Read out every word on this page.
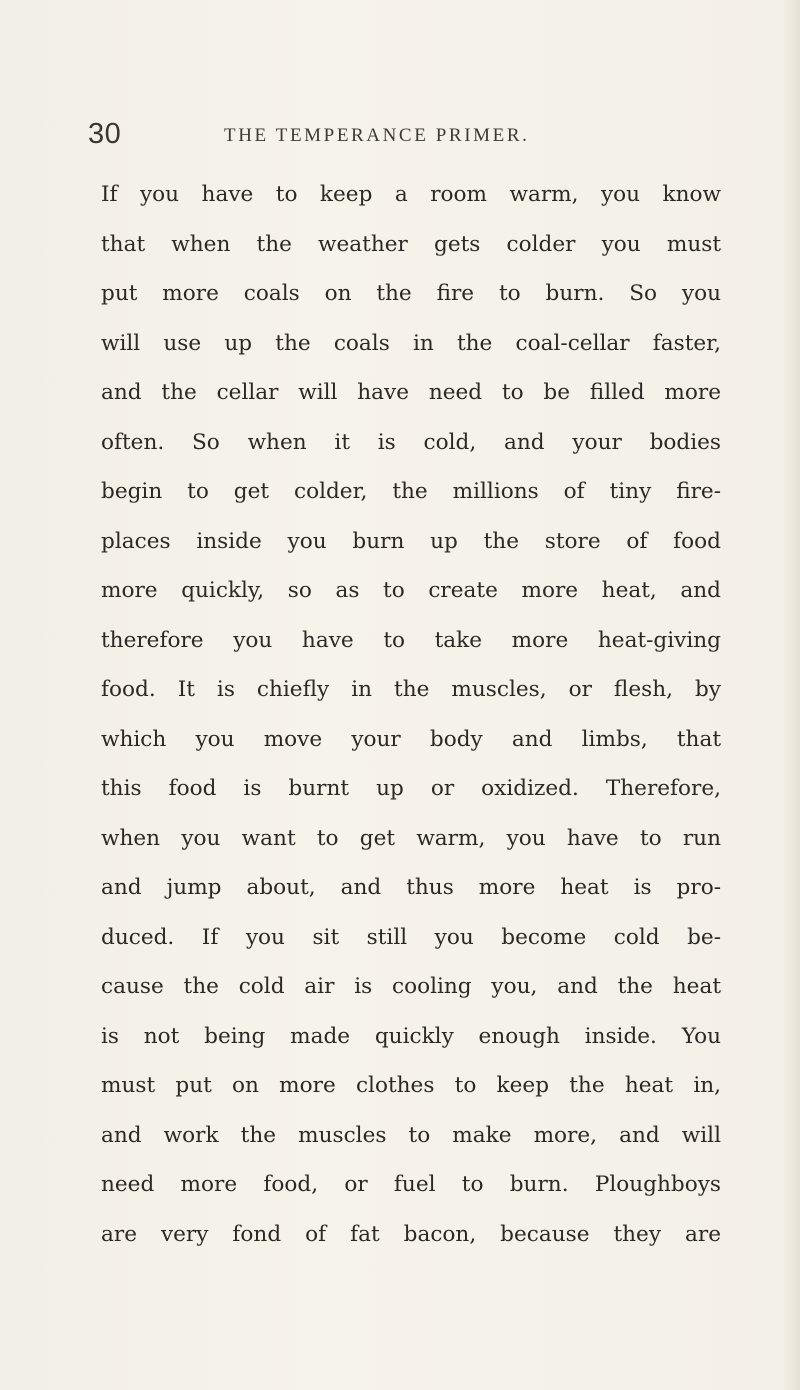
30	THE TEMPERANCE PRIMER.
If you have to keep a room warm, you know
that when the weather gets colder you must
put more coals on the fire to burn. So you
will use up the coals in the coal-cellar faster,
and the cellar will have need to be filled more
often. So when it is cold, and your bodies
begin to get colder, the millions of tiny fire-
places inside you burn up the store of food
more quickly, so as to create more heat, and
therefore you have to take more heat-giving
food. It is chiefly in the muscles, or flesh, by
which you move your body and limbs, that
this food is burnt up or oxidized. Therefore,
when you want to get warm, you have to run
and jump about, and thus more heat is pro-
duced. If you sit still you become cold be-
cause the cold air is cooling you, and the heat
is not being made quickly enough inside. You
must put on more clothes to keep the heat in,
and work the muscles to make more, and will
need more food, or fuel to burn. Ploughboys
are very fond of fat bacon, because they are
